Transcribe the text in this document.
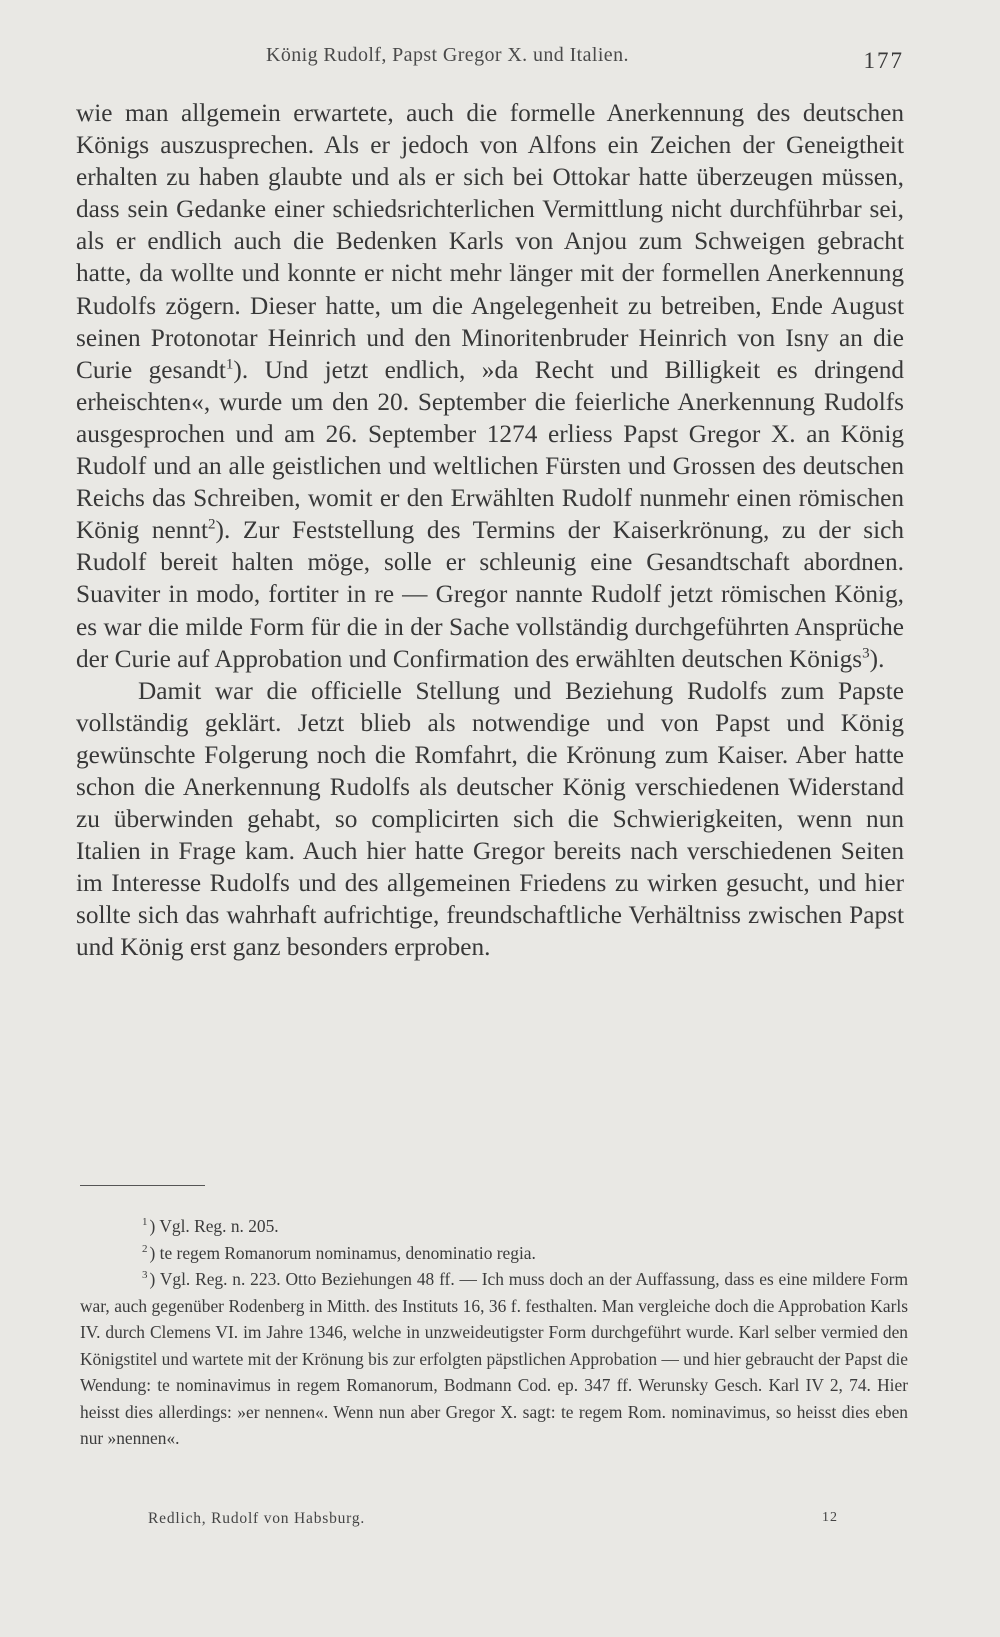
König Rudolf, Papst Gregor X. und Italien.	177

wie man allgemein erwartete, auch die formelle Anerkennung des deutschen Königs auszusprechen. Als er jedoch von Alfons ein Zeichen der Geneigtheit erhalten zu haben glaubte und als er sich bei Ottokar hatte überzeugen müssen, dass sein Gedanke einer schiedsrichterlichen Vermittlung nicht durchführbar sei, als er endlich auch die Bedenken Karls von Anjou zum Schweigen gebracht hatte, da wollte und konnte er nicht mehr länger mit der formellen Anerkennung Rudolfs zögern. Dieser hatte, um die Angelegenheit zu betreiben, Ende August seinen Protonotar Heinrich und den Minoritenbruder Heinrich von Isny an die Curie gesandt$^1$). Und jetzt endlich, »da Recht und Billigkeit es dringend erheischten«, wurde um den 20. September die feierliche Anerkennung Rudolfs ausgesprochen und am 26. September 1274 erliess Papst Gregor X. an König Rudolf und an alle geistlichen und weltlichen Fürsten und Grossen des deutschen Reichs das Schreiben, womit er den Erwählten Rudolf nunmehr einen römischen König nennt$^2$). Zur Feststellung des Termins der Kaiserkrönung, zu der sich Rudolf bereit halten möge, solle er schleunig eine Gesandtschaft abordnen. Suaviter in modo, fortiter in re — Gregor nannte Rudolf jetzt römischen König, es war die milde Form für die in der Sache vollständig durchgeführten Ansprüche der Curie auf Approbation und Confirmation des erwählten deutschen Königs$^3$).

Damit war die officielle Stellung und Beziehung Rudolfs zum Papste vollständig geklärt. Jetzt blieb als notwendige und von Papst und König gewünschte Folgerung noch die Romfahrt, die Krönung zum Kaiser. Aber hatte schon die Anerkennung Rudolfs als deutscher König verschiedenen Widerstand zu überwinden gehabt, so complicirten sich die Schwierigkeiten, wenn nun Italien in Frage kam. Auch hier hatte Gregor bereits nach verschiedenen Seiten im Interesse Rudolfs und des allgemeinen Friedens zu wirken gesucht, und hier sollte sich das wahrhaft aufrichtige, freundschaftliche Verhältniss zwischen Papst und König erst ganz besonders erproben.

$^1$ ) Vgl. Reg. n. 205.
$^2$ ) te regem Romanorum nominamus, denominatio regia.
$^3$ ) Vgl. Reg. n. 223. Otto Beziehungen 48 ff. — Ich muss doch an der Auffassung, dass es eine mildere Form war, auch gegenüber Rodenberg in Mitth. des Instituts 16, 36 f. festhalten. Man vergleiche doch die Approbation Karls IV. durch Clemens VI. im Jahre 1346, welche in unzweideutigster Form durchgeführt wurde. Karl selber vermied den Königstitel und wartete mit der Krönung bis zur erfolgten päpstlichen Approbation — und hier gebraucht der Papst die Wendung: te nominavimus in regem Romanorum, Bodmann Cod. ep. 347 ff. Werunsky Gesch. Karl IV 2, 74. Hier heisst dies allerdings: »er nennen«. Wenn nun aber Gregor X. sagt: te regem Rom. nominavimus, so heisst dies eben nur »nennen«.
Redlich, Rudolf von Habsburg.	12
